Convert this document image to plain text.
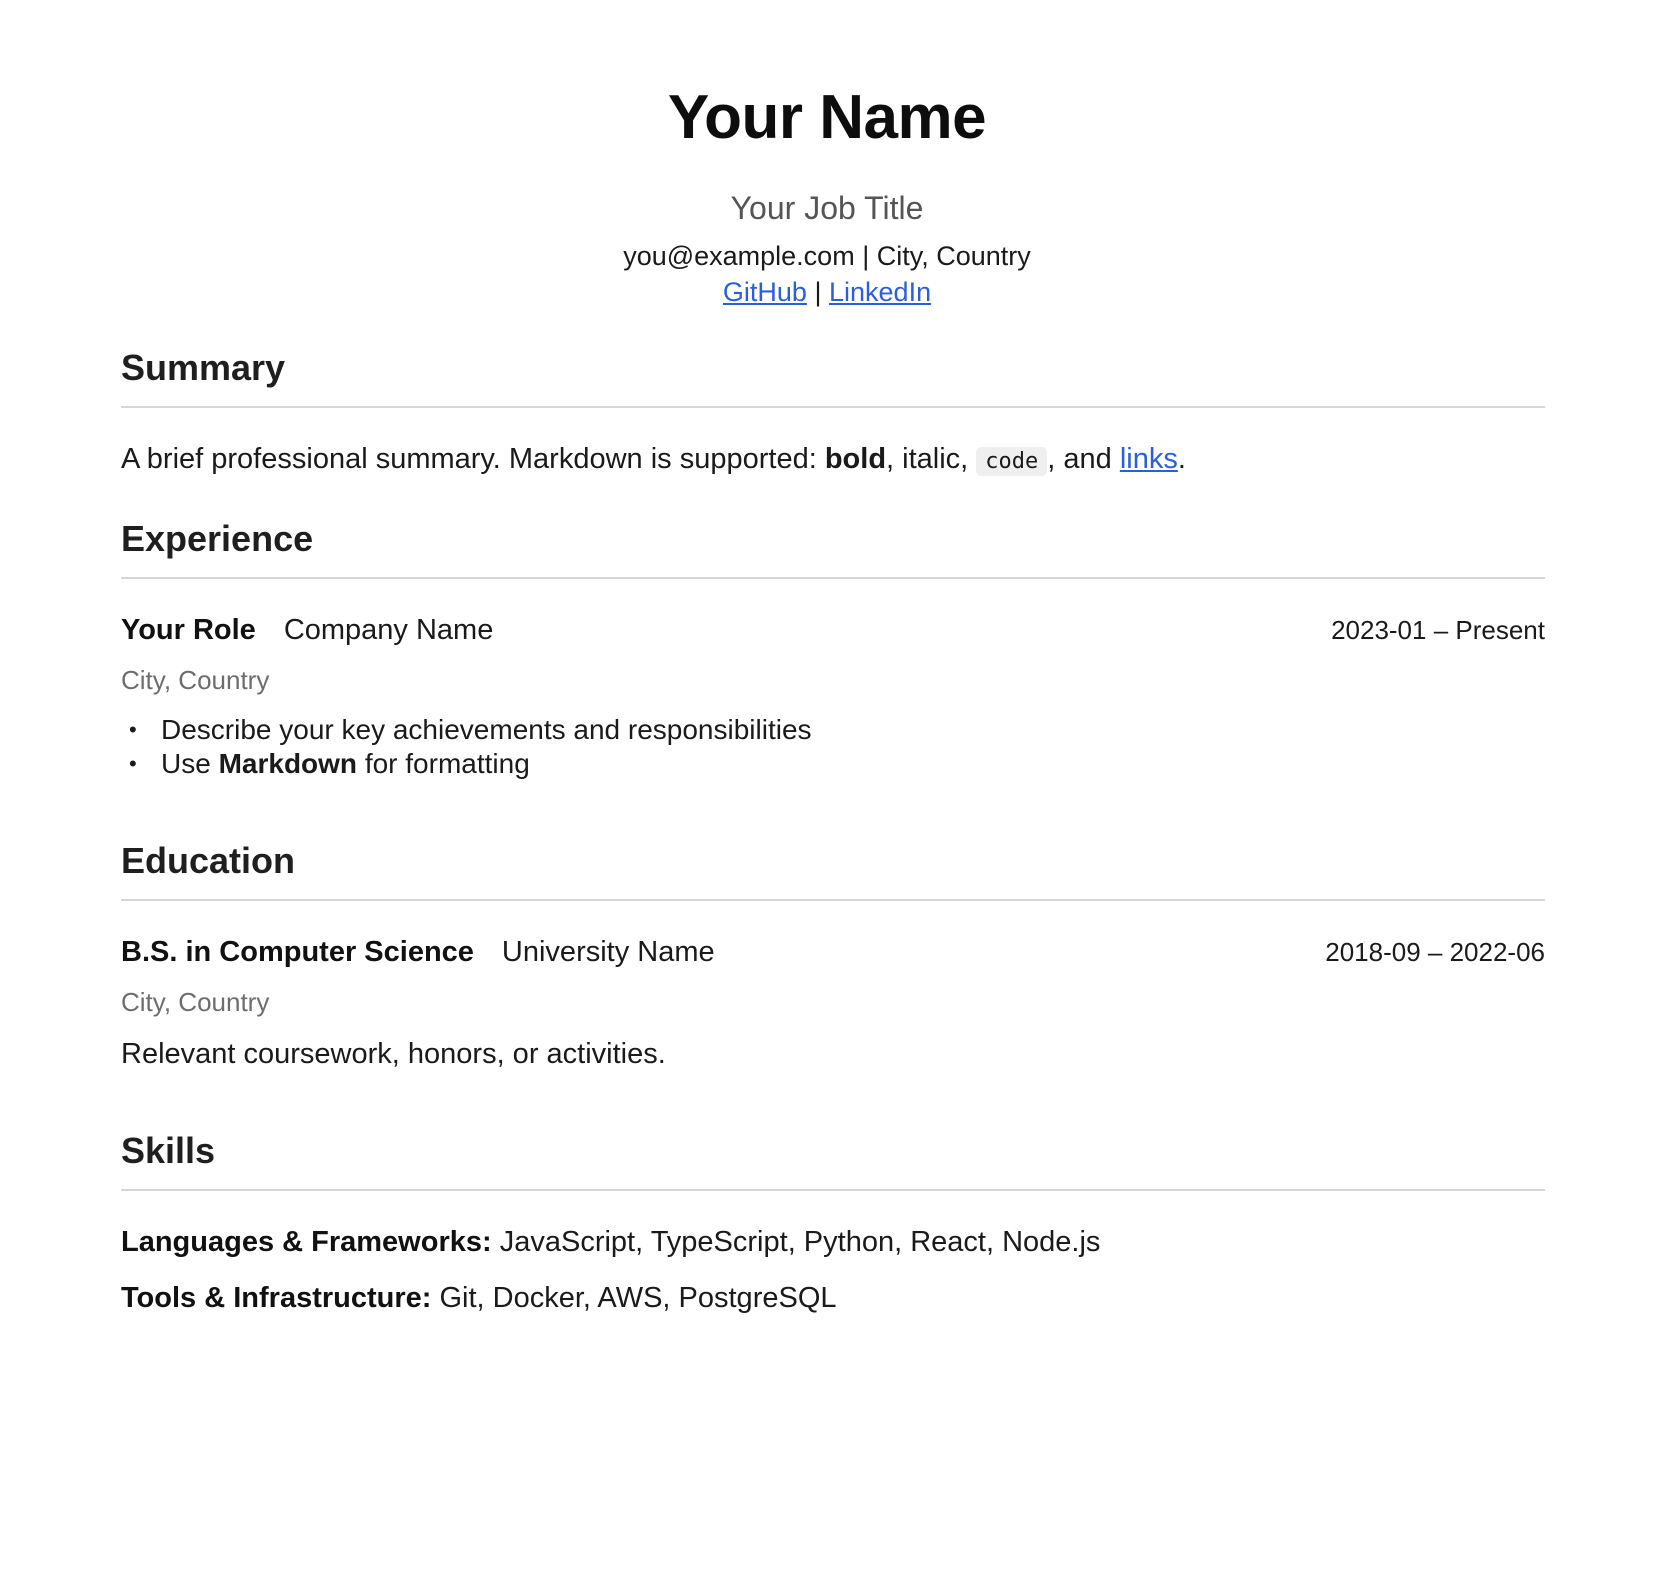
Your Name
Your Job Title
you@example.com | City, Country
GitHub | LinkedIn
Summary
A brief professional summary. Markdown is supported: bold, italic, code , and links.
Experience
Your Role Company Name	2023-01 – Present
City, Country
• Describe your key achievements and responsibilities
• Use Markdown for formatting
Education
B.S. in Computer Science University Name	2018-09 – 2022-06
City, Country
Relevant coursework, honors, or activities.
Skills
Languages & Frameworks: JavaScript, TypeScript, Python, React, Node.js
Tools & Infrastructure: Git, Docker, AWS, PostgreSQL
